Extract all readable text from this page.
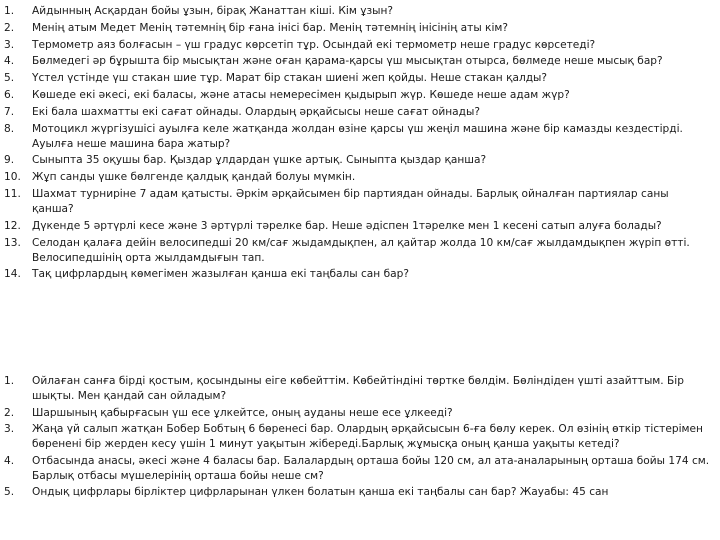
1.	Айдынның Асқардан бойы ұзын, бірақ Жанаттан кіші. Кім ұзын?
2.	Менің атым Медет Менің тәтемнің бір ғана інісі бар. Менің тәтемнің інісінің аты кім?
3.	Термометр аяз болғасын – үш градус көрсетіп тұр. Осындай екі термометр неше градус көрсетеді?
4.	Бөлмедегі әр бұрышта бір мысықтан және оған қарама-қарсы үш мысықтан отырса, бөлмеде неше мысық бар?
5.	Үстел үстінде үш стакан шие тұр. Марат бір стакан шиені жеп қойды. Неше стакан қалды?
6.	Көшеде екі әкесі, екі баласы, және атасы немересімен қыдырып жүр. Көшеде неше адам жүр?
7.	Екі бала шахматты екі сағат ойнады. Олардың әрқайсысы неше сағат ойнады?
8.	Мотоцикл жүргізушісі ауылға келе жатқанда жолдан өзіне қарсы үш жеңіл машина және бір камазды кездестірді. Ауылға неше машина бара жатыр?
9.	Сыныпта 35 оқушы бар. Қыздар ұлдардан үшке артық. Сыныпта қыздар қанша?
10.	Жұп санды үшке бөлгенде қалдық қандай болуы мүмкін.
11.	Шахмат турниріне 7 адам қатысты. Әркім әрқайсымен бір партиядан ойнады. Барлық ойналған партиялар саны қанша?
12.	Дүкенде 5 әртүрлі кесе және 3 әртүрлі тәрелке бар. Неше әдіспен 1тәрелке мен 1 кесені сатып алуға болады?
13.	Селодан қалаға дейін велосипедші 20 км/сағ жыдамдықпен, ал қайтар жолда 10 км/сағ жылдамдықпен жүріп өтті. Велосипедшінің орта жылдамдығын тап.
14.	Тақ цифрлардың көмегімен жазылған қанша екі таңбалы сан бар?
1.	Ойлаған санға бірді қостым, қосындыны еіге көбейттім. Көбейтіндіні төртке бөлдім. Бөліндіден үшті азайттым. Бір шықты. Мен қандай сан ойладым?
2.	Шаршының қабырғасын үш есе ұлкейтсе, оның ауданы неше есе ұлкееді?
3.	Жаңа үй салып жатқан Бобер Бобтың 6 бөренесі бар. Олардың әрқайсысын 6-ға бөлу керек. Ол өзінің өткір тістерімен бөренені бір жерден кесу үшін 1 минут уақытын жібереді.Барлық жұмысқа оның қанша уақыты кетеді?
4.	Отбасында анасы, әкесі және 4 баласы бар. Балалардың орташа бойы 120 см, ал ата-аналарының орташа бойы 174 см. Барлық отбасы мүшелерінің орташа бойы неше см?
5.	Ондық цифрлары бірліктер цифрларынан үлкен болатын қанша екі таңбалы сан бар? Жауабы: 45 сан
